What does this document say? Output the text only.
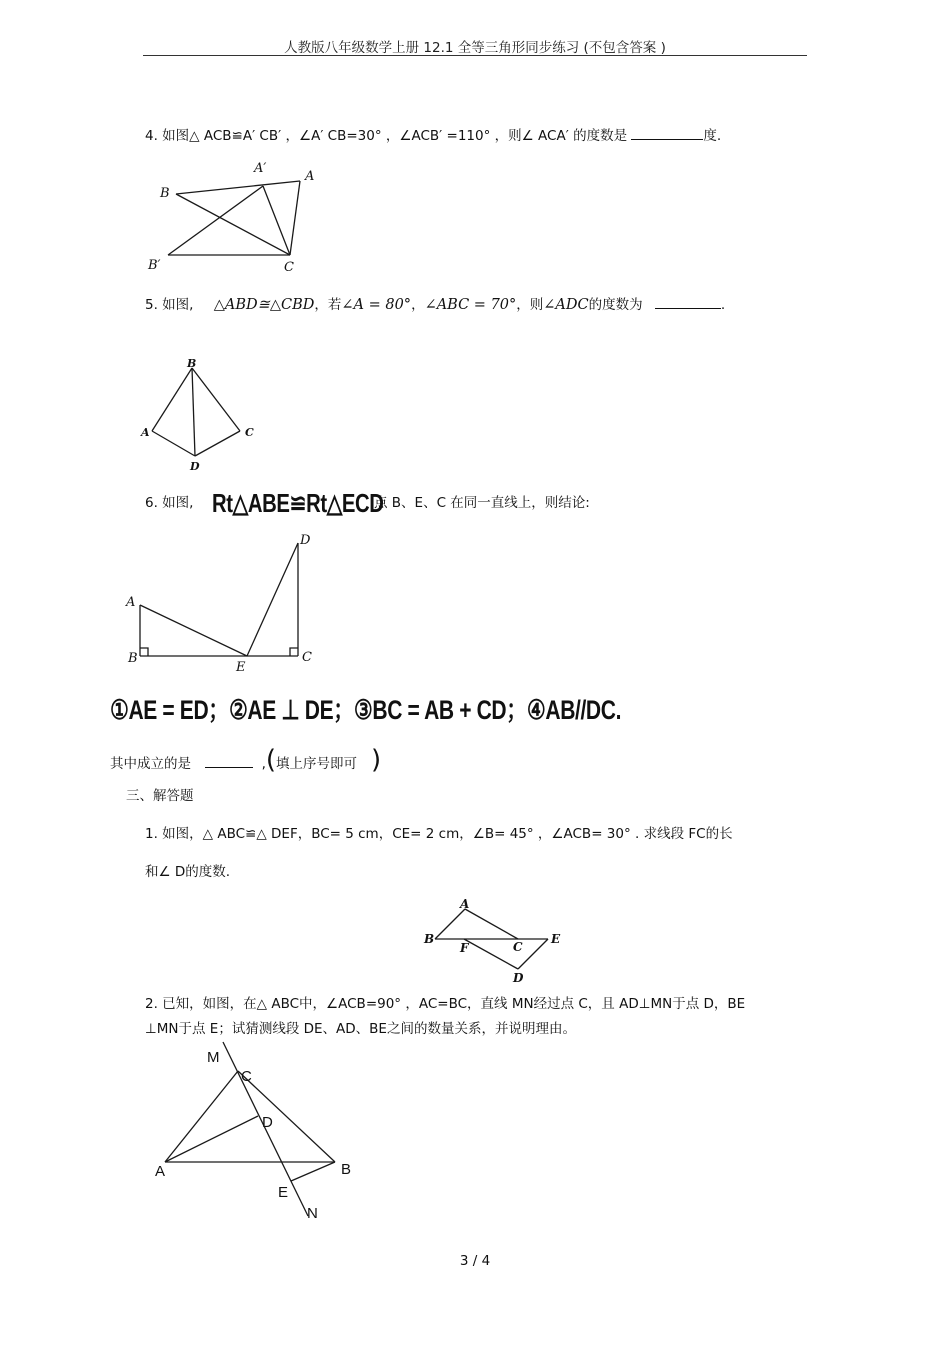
人教版八年级数学上册 12.1 全等三角形同步练习 (不包含答案 )
4. 如图△ ACB≌A′ CB′ ，∠A′ CB=30° ，∠ACB′ =110° ，则∠ ACA′ 的度数是	度.
B
A′
A
B′	C
5. 如图, △ABD≅△CBD，若∠A = 80°，∠ABC = 70°，则∠ADC的度数为	.
B
A	C
D
6. 如图, Rt△ABE≌Rt△ECD
点 B、E、C 在同一直线上，则结论:
D
A
B
E
C
①AE = ED；②AE ⊥ DE；③BC = AB + CD；④AB//DC.
其中成立的是	,(填上序号即可 )
三、解答题
1. 如图，△ ABC≌△ DEF，BC= 5 cm，CE= 2 cm，∠B= 45° ，∠ACB= 30° . 求线段 FC的长
和∠ D的度数.
A
B
F	C
E
D
2. 已知，如图，在△ ABC中，∠ACB=90° ，AC=BC，直线 MN经过点 C，且 AD⊥MN于点 D，BE
⊥MN于点 E；试猜测线段 DE、AD、BE之间的数量关系，并说明理由。
M
C
D
A	B
E
N
3 / 4
